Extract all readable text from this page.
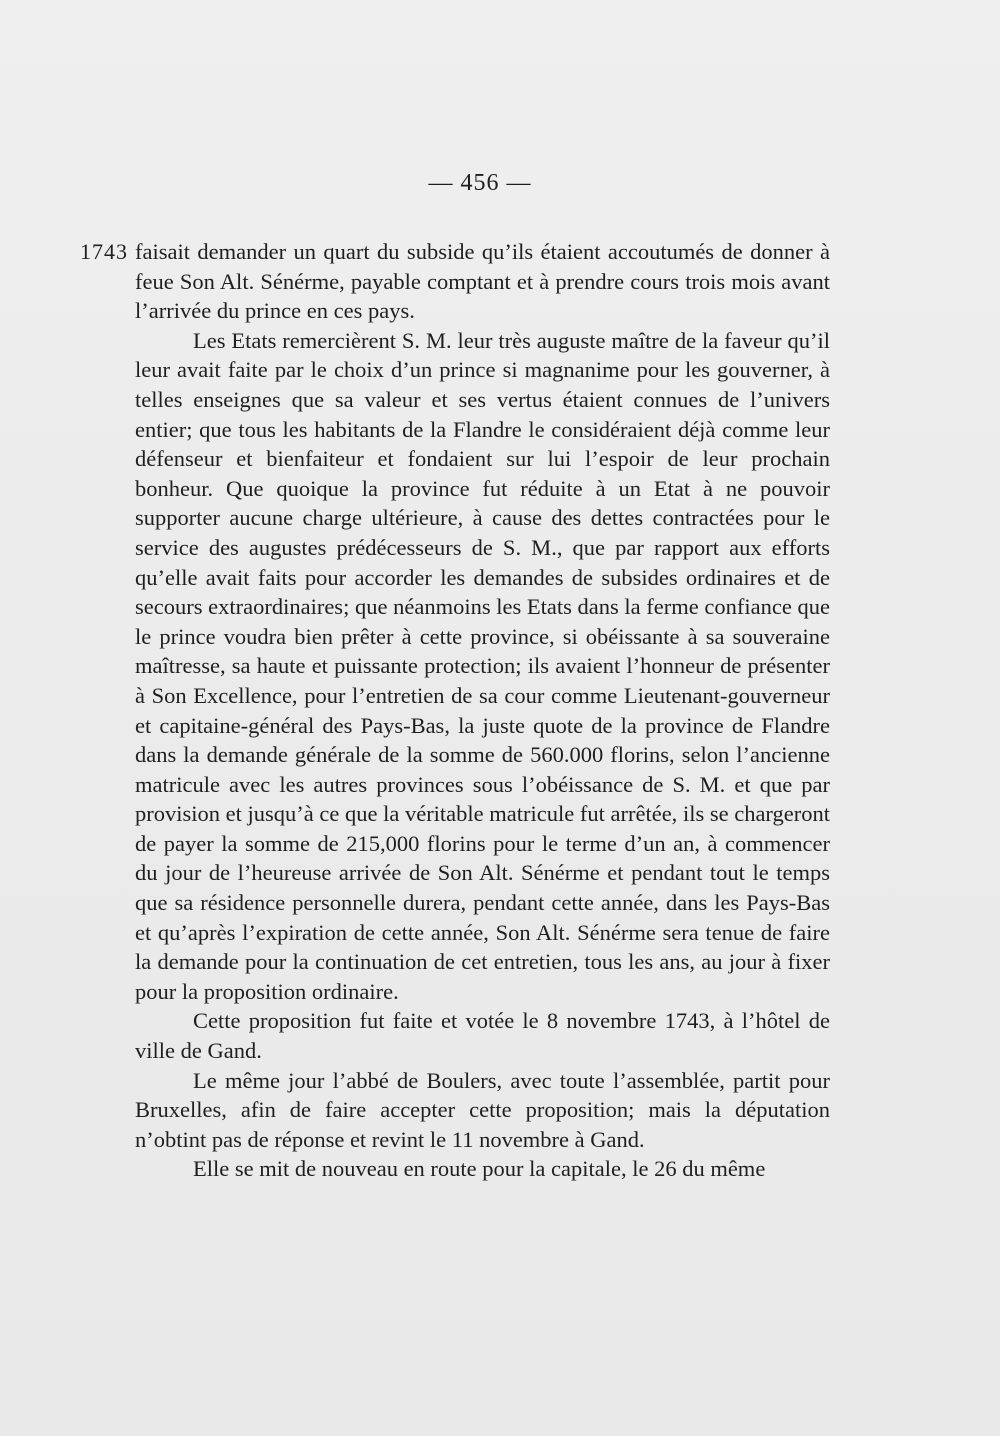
— 456 —
1743 faisait demander un quart du subside qu’ils étaient accoutumés de donner à feue Son Alt. Sénérme, payable comptant et à prendre cours trois mois avant l’arrivée du prince en ces pays.

Les Etats remercièrent S. M. leur très auguste maître de la faveur qu’il leur avait faite par le choix d’un prince si magnanime pour les gouverner, à telles enseignes que sa valeur et ses vertus étaient connues de l’univers entier; que tous les habitants de la Flandre le considéraient déjà comme leur défenseur et bienfaiteur et fondaient sur lui l’espoir de leur prochain bonheur. Que quoique la province fut réduite à un Etat à ne pouvoir supporter aucune charge ultérieure, à cause des dettes contractées pour le service des augustes prédécesseurs de S. M., que par rapport aux efforts qu’elle avait faits pour accorder les demandes de subsides ordinaires et de secours extraordinaires; que néanmoins les Etats dans la ferme confiance que le prince voudra bien prêter à cette province, si obéissante à sa souveraine maîtresse, sa haute et puissante protection; ils avaient l’honneur de présenter à Son Excellence, pour l’entretien de sa cour comme Lieutenant-gouverneur et capitaine-général des Pays-Bas, la juste quote de la province de Flandre dans la demande générale de la somme de 560.000 florins, selon l’ancienne matricule avec les autres provinces sous l’obéissance de S. M. et que par provision et jusqu’à ce que la véritable matricule fut arrêtée, ils se chargeront de payer la somme de 215,000 florins pour le terme d’un an, à commencer du jour de l’heureuse arrivée de Son Alt. Sénérme et pendant tout le temps que sa résidence personnelle durera, pendant cette année, dans les Pays-Bas et qu’après l’expiration de cette année, Son Alt. Sénérme sera tenue de faire la demande pour la continuation de cet entretien, tous les ans, au jour à fixer pour la proposition ordinaire.

Cette proposition fut faite et votée le 8 novembre 1743, à l’hôtel de ville de Gand.

Le même jour l’abbé de Boulers, avec toute l’assemblée, partit pour Bruxelles, afin de faire accepter cette proposition; mais la députation n’obtint pas de réponse et revint le 11 novembre à Gand.

Elle se mit de nouveau en route pour la capitale, le 26 du même
